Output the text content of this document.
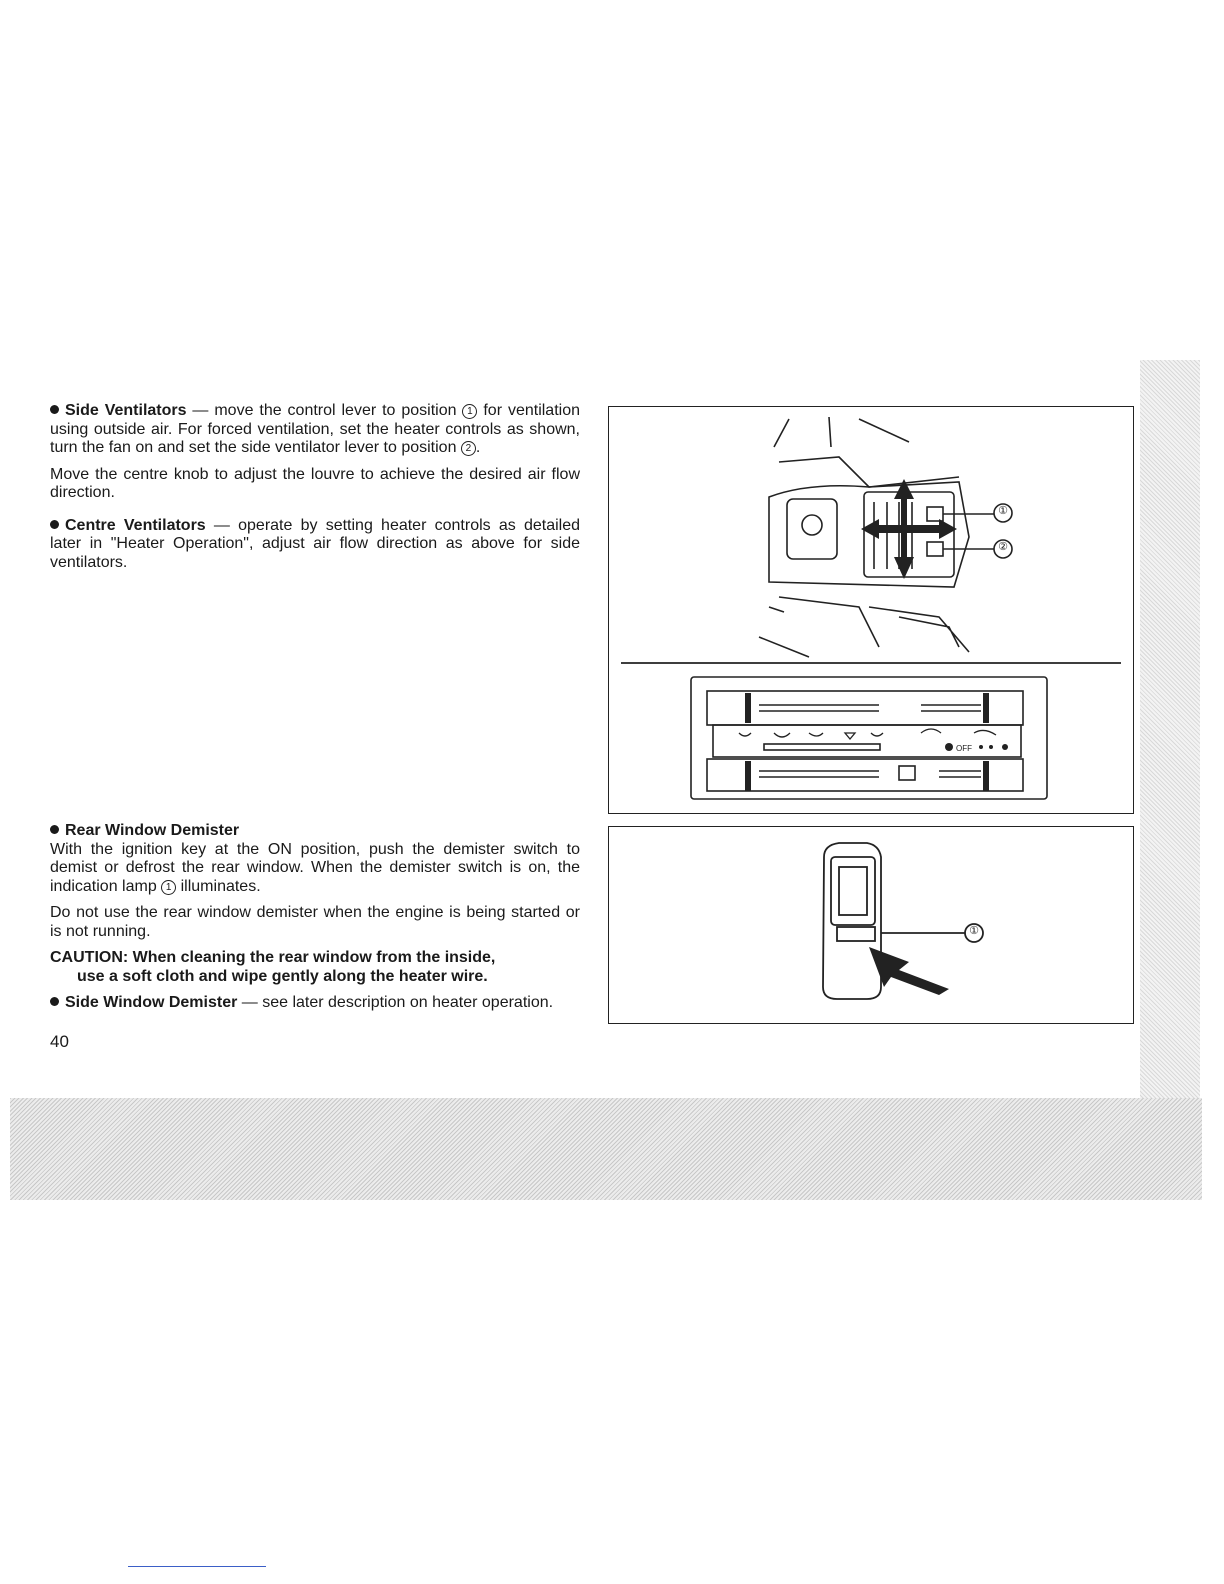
Side Ventilators — move the control lever to position 1 for ventilation using outside air. For forced ventilation, set the heater controls as shown, turn the fan on and set the side ventilator lever to position 2 .

Move the centre knob to adjust the louvre to achieve the desired air flow direction.

Centre Ventilators — operate by setting heater controls as detailed later in "Heater Operation", adjust air flow direction as above for side ventilators.

Rear Window Demister

With the ignition key at the ON position, push the demister switch to demist or defrost the rear window. When the demister switch is on, the indication lamp 1 illuminates.

Do not use the rear window demister when the engine is being started or is not running.

CAUTION: When cleaning the rear window from the inside,

use a soft cloth and wipe gently along the heater wire.

Side Window Demister — see later description on heater operation.

40
OFF
①
②
①
